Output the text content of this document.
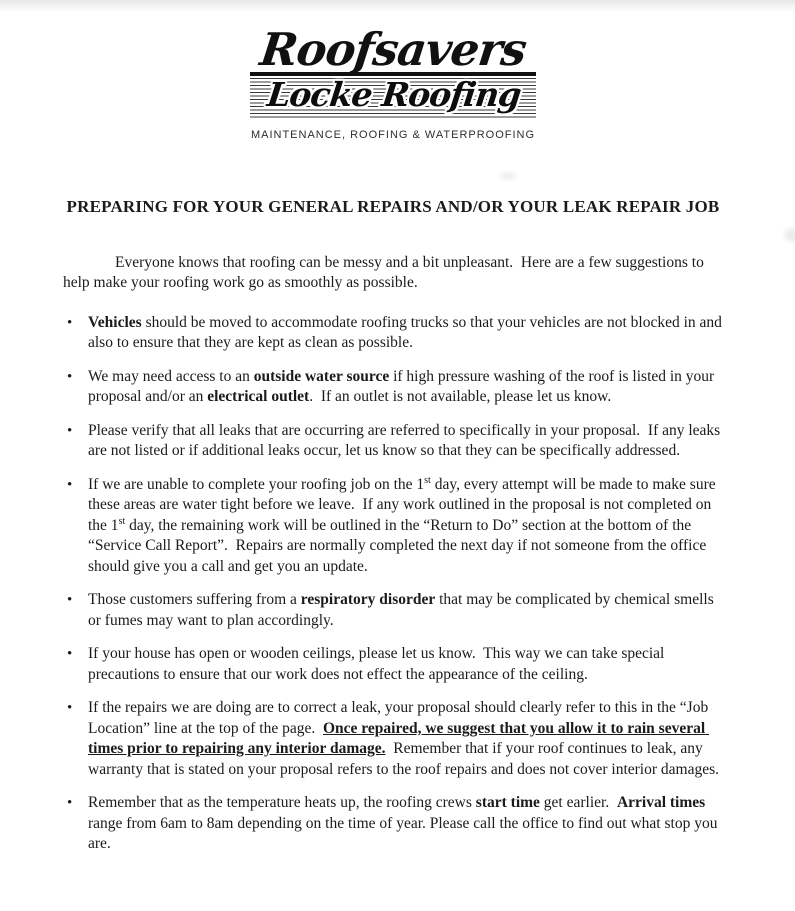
Roofsavers
Locke Roofing
MAINTENANCE, ROOFING & WATERPROOFING
PREPARING FOR YOUR GENERAL REPAIRS AND/OR YOUR LEAK REPAIR JOB

Everyone knows that roofing can be messy and a bit unpleasant.  Here are a few suggestions to help make your roofing work go as smoothly as possible.

• Vehicles should be moved to accommodate roofing trucks so that your vehicles are not blocked in and also to ensure that they are kept as clean as possible.
• We may need access to an outside water source if high pressure washing of the roof is listed in your proposal and/or an electrical outlet.  If an outlet is not available, please let us know.
• Please verify that all leaks that are occurring are referred to specifically in your proposal.  If any leaks are not listed or if additional leaks occur, let us know so that they can be specifically addressed.
• If we are unable to complete your roofing job on the 1st day, every attempt will be made to make sure these areas are water tight before we leave.  If any work outlined in the proposal is not completed on the 1st day, the remaining work will be outlined in the “Return to Do” section at the bottom of the “Service Call Report”.  Repairs are normally completed the next day if not someone from the office should give you a call and get you an update.
• Those customers suffering from a respiratory disorder that may be complicated by chemical smells or fumes may want to plan accordingly.
• If your house has open or wooden ceilings, please let us know.  This way we can take special precautions to ensure that our work does not effect the appearance of the ceiling.
• If the repairs we are doing are to correct a leak, your proposal should clearly refer to this in the “Job Location” line at the top of the page.  Once repaired, we suggest that you allow it to rain several times prior to repairing any interior damage.  Remember that if your roof continues to leak, any warranty that is stated on your proposal refers to the roof repairs and does not cover interior damages.
• Remember that as the temperature heats up, the roofing crews start time get earlier.  Arrival times range from 6am to 8am depending on the time of year. Please call the office to find out what stop you are.
